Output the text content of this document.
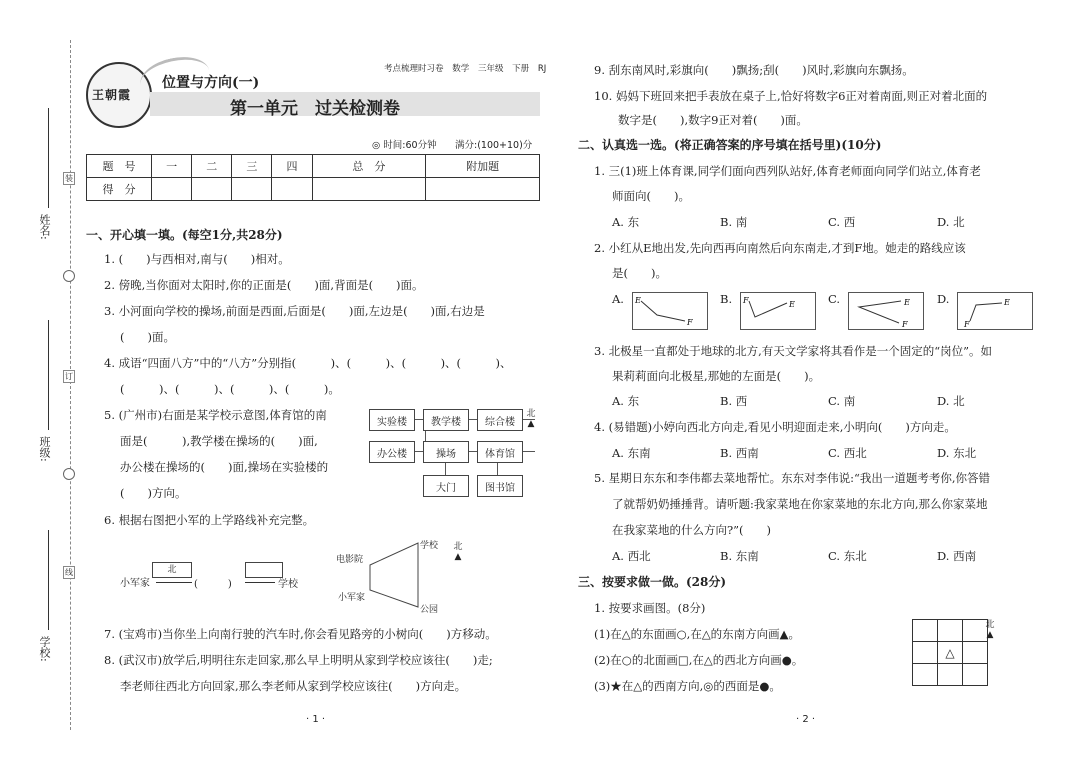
姓名:
班级:
学校:
装
订
线
王朝霞
考点梳理时习卷 数学 三年级 下册 RJ
位置与方向(一)
第一单元　过关检测卷
◎ 时间:60分钟 满分:(100+10)分
题　号	一	二	三	四	总　分	附加题
得　分						
一、开心填一填。(每空1分,共28分)
1. (　　)与西相对,南与(　　)相对。
2. 傍晚,当你面对太阳时,你的正面是(　　)面,背面是(　　)面。
3. 小河面向学校的操场,前面是西面,后面是(　　)面,左边是(　　)面,右边是
(　　)面。
4. 成语“四面八方”中的“八方”分别指(　　　)、(　　　)、(　　　)、(　　　)、
(　　　)、(　　　)、(　　　)、(　　　)。
5. (广州市)右面是某学校示意图,体育馆的南
面是(　　　),教学楼在操场的(　　)面,
办公楼在操场的(　　)面,操场在实验楼的
(　　)方向。
实验楼	教学楼	综合楼
办公楼	操场	体育馆
大门	图书馆
北
▲
6. 根据右图把小军的上学路线补充完整。
北
小军家	(　　　)	学校
电影院
学校
小军家
公园
北
▲
7. (宝鸡市)当你坐上向南行驶的汽车时,你会看见路旁的小树向(　　)方移动。
8. (武汉市)放学后,明明往东走回家,那么早上明明从家到学校应该往(　　)走;
李老师往西北方向回家,那么李老师从家到学校应该往(　　)方向走。
· 1 ·
9. 刮东南风时,彩旗向(　　)飘扬;刮(　　)风时,彩旗向东飘扬。
10. 妈妈下班回来把手表放在桌子上,恰好将数字6正对着南面,则正对着北面的
数字是(　　),数字9正对着(　　)面。
二、认真选一选。(将正确答案的序号填在括号里)(10分)
1. 三(1)班上体育课,同学们面向西列队站好,体育老师面向同学们站立,体育老
师面向(　　)。
A. 东	B. 南	C. 西	D. 北
2. 小红从E地出发,先向西再向南然后向东南走,才到F地。她走的路线应该
是(　　)。
A. E
F
B. F	E	C.	E
F
D.	E
F
3. 北极星一直都处于地球的北方,有天文学家将其看作是一个固定的“岗位”。如
果莉莉面向北极星,那她的左面是(　　)。
A. 东	B. 西	C. 南	D. 北
4. (易错题)小婷向西北方向走,看见小明迎面走来,小明向(　　)方向走。
A. 东南	B. 西南	C. 西北	D. 东北
5. 星期日东东和李伟都去菜地帮忙。东东对李伟说:“我出一道题考考你,你答错
了就帮奶奶捶捶背。请听题:我家菜地在你家菜地的东北方向,那么你家菜地
在我家菜地的什么方向?”(　　)
A. 西北	B. 东南	C. 东北	D. 西南
三、按要求做一做。(28分)
1. 按要求画图。(8分)
(1)在△的东面画○,在△的东南方向画▲。
(2)在○的北面画□,在△的西北方向画●。
(3)★在△的西南方向,◎的西面是●。
△
北
▲
· 2 ·
